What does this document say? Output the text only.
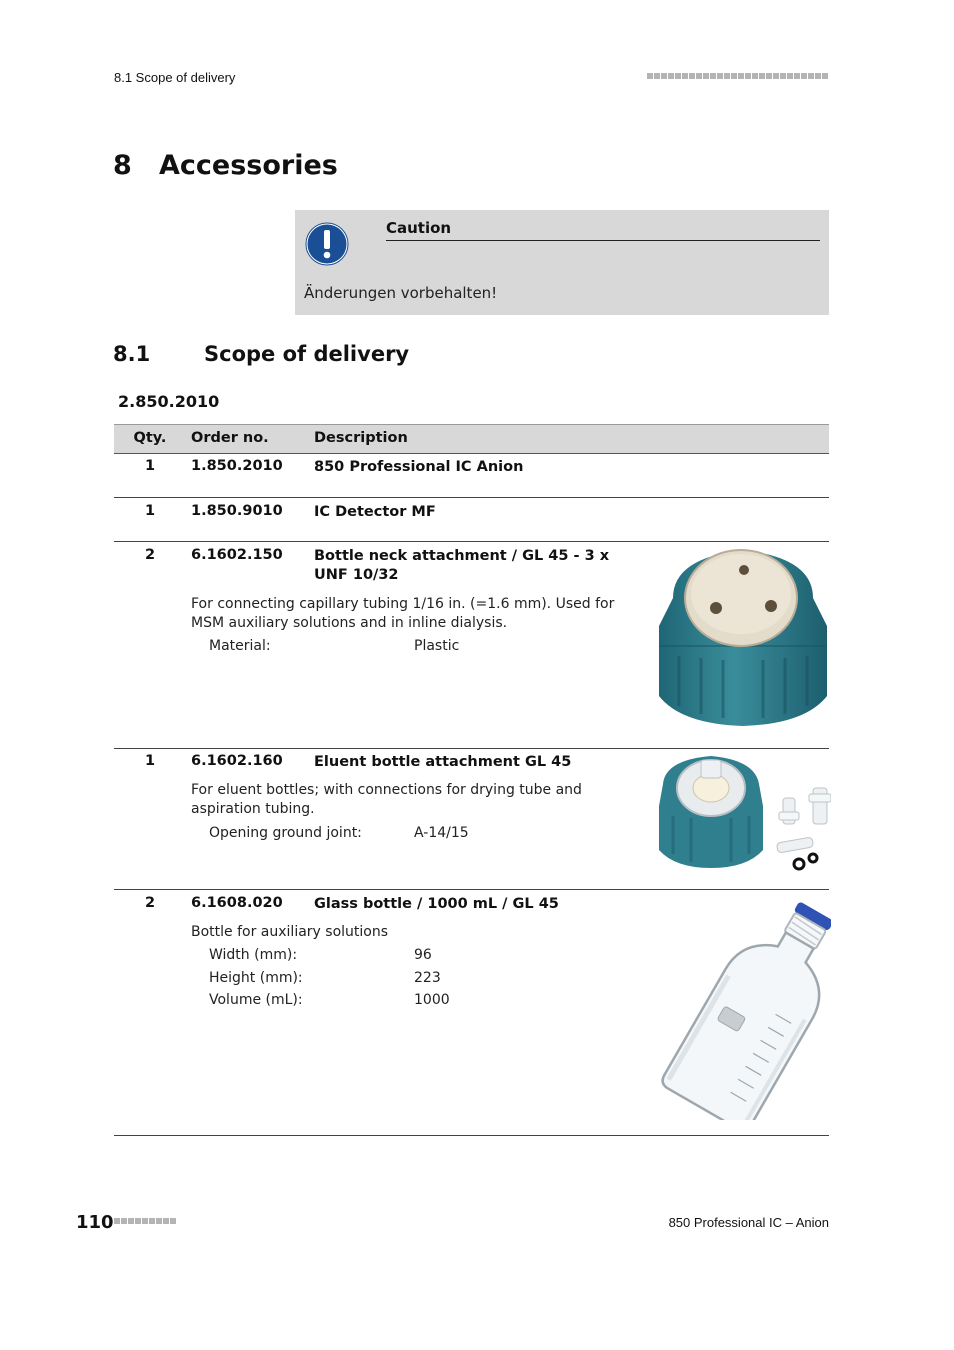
8.1 Scope of delivery
8 Accessories
Caution
Änderungen vorbehalten!
8.1	Scope of delivery
2.850.2010
Qty.	Order no.	Description
1	1.850.2010 850 Professional IC Anion
1	1.850.9010 IC Detector MF
2	6.1602.150 Bottle neck attachment / GL 45 - 3 x UNF 10/32
For connecting capillary tubing 1/16 in. (=1.6 mm). Used for MSM auxiliary solutions and in inline dialysis.
Material:	Plastic
1	6.1602.160 Eluent bottle attachment GL 45
For eluent bottles; with connections for drying tube and aspiration tubing.
Opening ground joint:	A-14/15
2	6.1608.020 Glass bottle / 1000 mL / GL 45
Bottle for auxiliary solutions
Width (mm):	96
Height (mm):	223
Volume (mL):	1000
110	850 Professional IC – Anion
